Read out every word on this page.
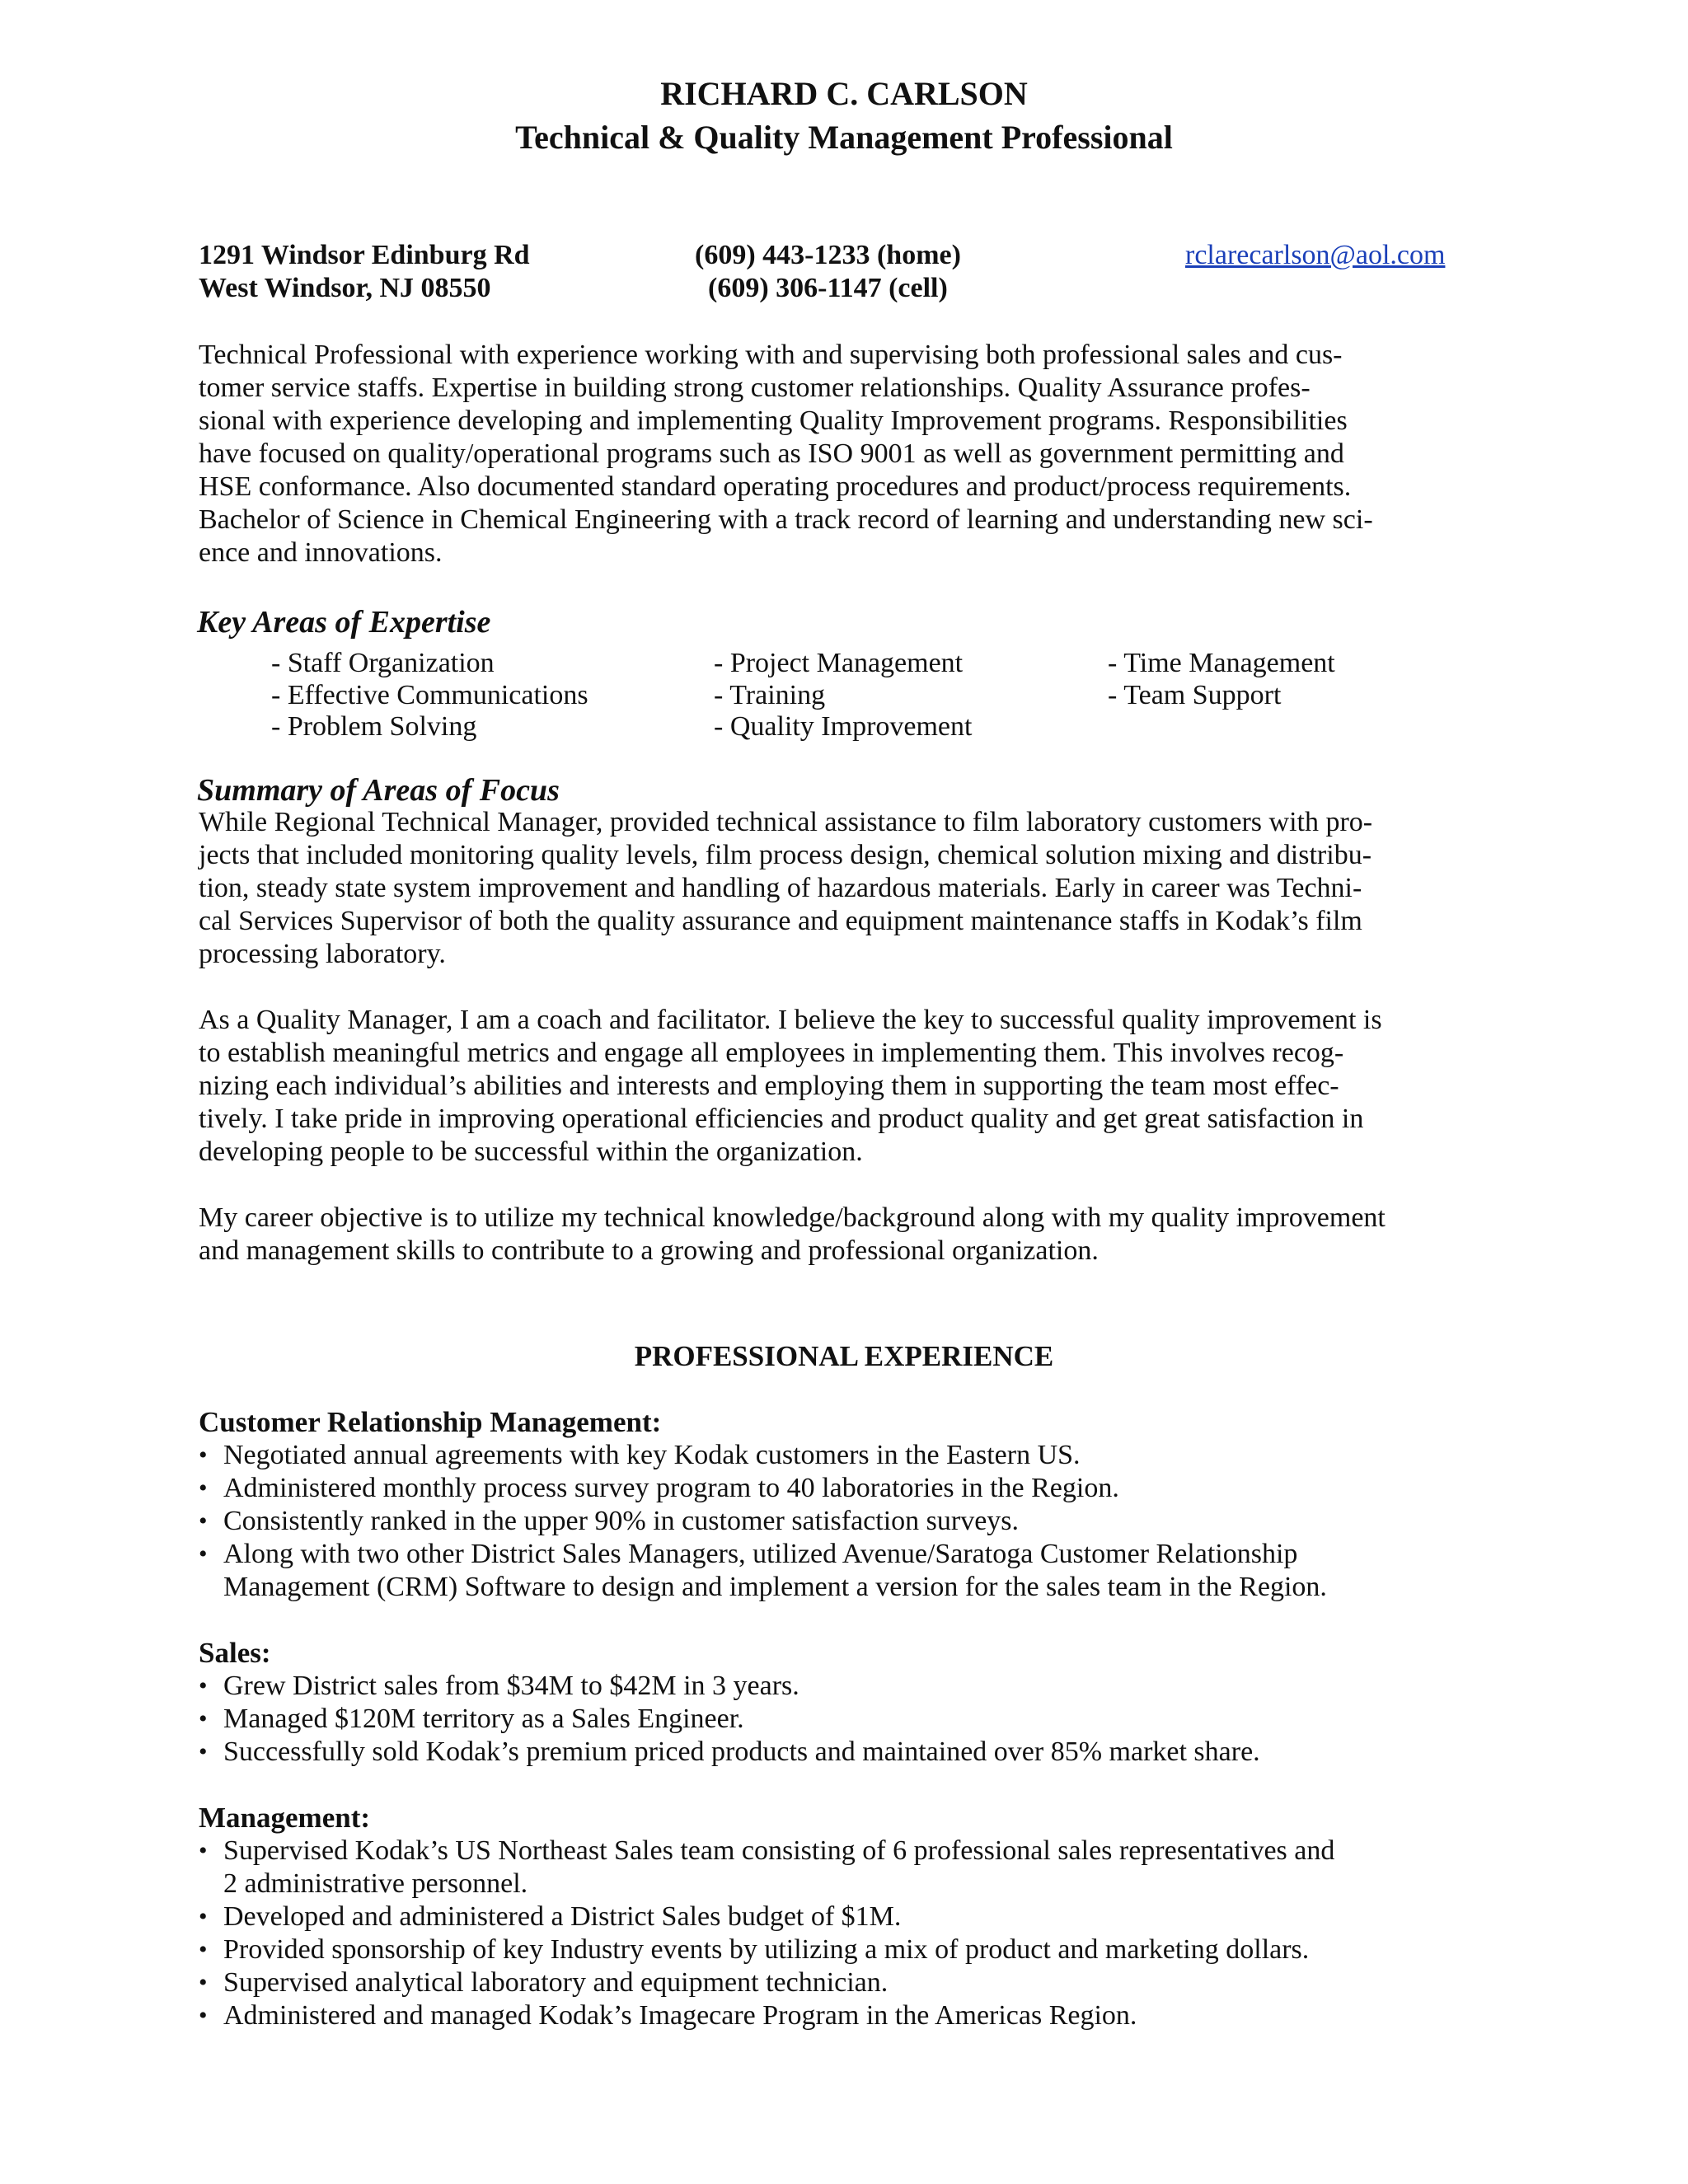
RICHARD C. CARLSON
Technical & Quality Management Professional
1291 Windsor Edinburg Rd
West Windsor, NJ 08550
(609) 443-1233 (home)
(609) 306-1147 (cell)
rclarecarlson@aol.com
Technical Professional with experience working with and supervising both professional sales and cus-
tomer service staffs. Expertise in building strong customer relationships. Quality Assurance profes-
sional with experience developing and implementing Quality Improvement programs. Responsibilities
have focused on quality/operational programs such as ISO 9001 as well as government permitting and
HSE conformance. Also documented standard operating procedures and product/process requirements.
Bachelor of Science in Chemical Engineering with a track record of learning and understanding new sci-
ence and innovations.
Key Areas of Expertise
- Staff Organization
- Effective Communications
- Problem Solving
- Project Management
- Training
- Quality Improvement
- Time Management
- Team Support
Summary of Areas of Focus
While Regional Technical Manager, provided technical assistance to film laboratory customers with pro-
jects that included monitoring quality levels, film process design, chemical solution mixing and distribu-
tion, steady state system improvement and handling of hazardous materials. Early in career was Techni-
cal Services Supervisor of both the quality assurance and equipment maintenance staffs in Kodak’s film
processing laboratory.
As a Quality Manager, I am a coach and facilitator. I believe the key to successful quality improvement is
to establish meaningful metrics and engage all employees in implementing them. This involves recog-
nizing each individual’s abilities and interests and employing them in supporting the team most effec-
tively. I take pride in improving operational efficiencies and product quality and get great satisfaction in
developing people to be successful within the organization.
My career objective is to utilize my technical knowledge/background along with my quality improvement
and management skills to contribute to a growing and professional organization.
PROFESSIONAL EXPERIENCE
Customer Relationship Management:
• Negotiated annual agreements with key Kodak customers in the Eastern US.
• Administered monthly process survey program to 40 laboratories in the Region.
• Consistently ranked in the upper 90% in customer satisfaction surveys.
• Along with two other District Sales Managers, utilized Avenue/Saratoga Customer Relationship
Management (CRM) Software to design and implement a version for the sales team in the Region.
Sales:
• Grew District sales from $34M to $42M in 3 years.
• Managed $120M territory as a Sales Engineer.
• Successfully sold Kodak’s premium priced products and maintained over 85% market share.
Management:
• Supervised Kodak’s US Northeast Sales team consisting of 6 professional sales representatives and
2 administrative personnel.
• Developed and administered a District Sales budget of $1M.
• Provided sponsorship of key Industry events by utilizing a mix of product and marketing dollars.
• Supervised analytical laboratory and equipment technician.
• Administered and managed Kodak’s Imagecare Program in the Americas Region.
